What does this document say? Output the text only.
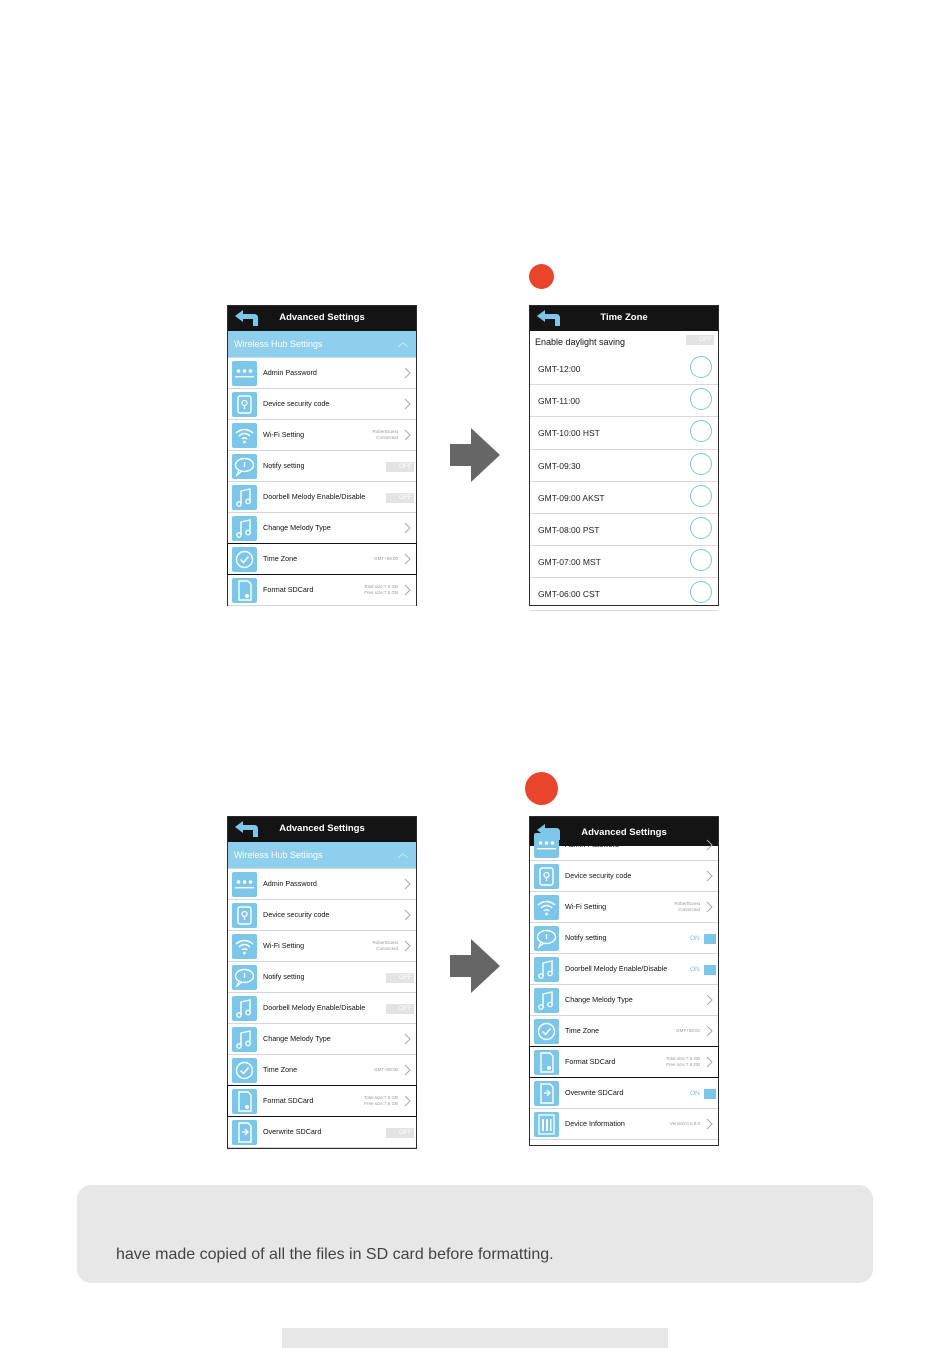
Advanced Settings
Wireless Hub Settings	︿
Admin Password
Device security code
Wi-Fi Setting	RobertGuest
Connected
Notify setting	OFF
Doorbell Melody Enable/Disable	OFF
Change Melody Type
Time Zone	GMT+08:00
Format SDCard	Total size:7.6 GB
Free size:7.6 GB
Time Zone
Enable daylight saving	OFF
GMT-12:00
GMT-11:00
GMT-10:00 HST
GMT-09:30
GMT-09:00 AKST
GMT-08:00 PST
GMT-07:00 MST
GMT-06:00 CST
Advanced Settings
Wireless Hub Settings	︿
Admin Password
Device security code
Wi-Fi Setting	RobertGuest
Connected
Notify setting	OFF
Doorbell Melody Enable/Disable	OFF
Change Melody Type
Time Zone	GMT+08:00
Format SDCard	Total size:7.6 GB
Free size:7.6 GB
Overwrite SDCard	OFF
Advanced Settings
Admin Password
Device security code
Wi-Fi Setting	RobertGuest
Connected
Notify setting	ON
Doorbell Melody Enable/Disable	ON
Change Melody Type
Time Zone	GMT+08:00
Format SDCard	Total size:7.6 GB
Free size:7.6 GB
Overwrite SDCard	ON
Device Information	Version:0.0.8.0
have made copied of all the files in SD card before formatting.
